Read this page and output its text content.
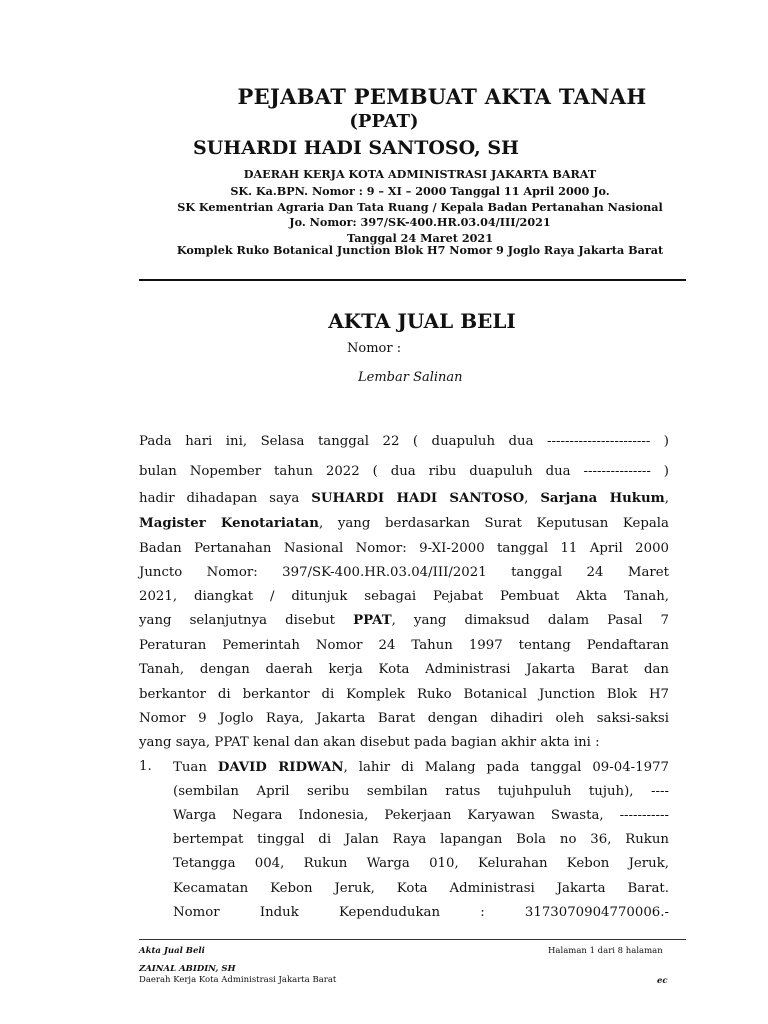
PEJABAT PEMBUAT AKTA TANAH
(PPAT)
SUHARDI HADI SANTOSO, SH
DAERAH KERJA KOTA ADMINISTRASI JAKARTA BARAT
SK. Ka.BPN. Nomor : 9 – XI – 2000 Tanggal 11 April 2000 Jo.
SK Kementrian Agraria Dan Tata Ruang / Kepala Badan Pertanahan Nasional
Jo. Nomor: 397/SK-400.HR.03.04/III/2021
Tanggal 24 Maret 2021
Komplek Ruko Botanical Junction Blok H7 Nomor 9 Joglo Raya Jakarta Barat
AKTA JUAL BELI
Nomor :
Lembar Salinan
Pada hari ini, Selasa tanggal 22 ( duapuluh dua ----------------------- )
bulan Nopember tahun 2022 ( dua ribu duapuluh dua --------------- )
hadir dihadapan saya SUHARDI HADI SANTOSO, Sarjana Hukum,
Magister Kenotariatan, yang berdasarkan Surat Keputusan Kepala
Badan Pertanahan Nasional Nomor: 9-XI-2000 tanggal 11 April 2000
Juncto Nomor: 397/SK-400.HR.03.04/III/2021 tanggal 24 Maret
2021, diangkat / ditunjuk sebagai Pejabat Pembuat Akta Tanah,
yang selanjutnya disebut PPAT, yang dimaksud dalam Pasal 7
Peraturan Pemerintah Nomor 24 Tahun 1997 tentang Pendaftaran
Tanah, dengan daerah kerja Kota Administrasi Jakarta Barat dan
berkantor di berkantor di Komplek Ruko Botanical Junction Blok H7
Nomor 9 Joglo Raya, Jakarta Barat dengan dihadiri oleh saksi-saksi
yang saya, PPAT kenal dan akan disebut pada bagian akhir akta ini :
1. Tuan DAVID RIDWAN, lahir di Malang pada tanggal 09-04-1977
(sembilan April seribu sembilan ratus tujuhpuluh tujuh), ----
Warga Negara Indonesia, Pekerjaan Karyawan Swasta, -----------
bertempat tinggal di Jalan Raya lapangan Bola no 36, Rukun
Tetangga 004, Rukun Warga 010, Kelurahan Kebon Jeruk,
Kecamatan Kebon Jeruk, Kota Administrasi Jakarta Barat.
Nomor	Induk	Kependudukan	:	3173070904770006.-
Akta Jual Beli	Halaman 1 dari 8 halaman
ZAINAL ABIDIN, SH
Daerah Kerja Kota Administrasi Jakarta Barat	ec
